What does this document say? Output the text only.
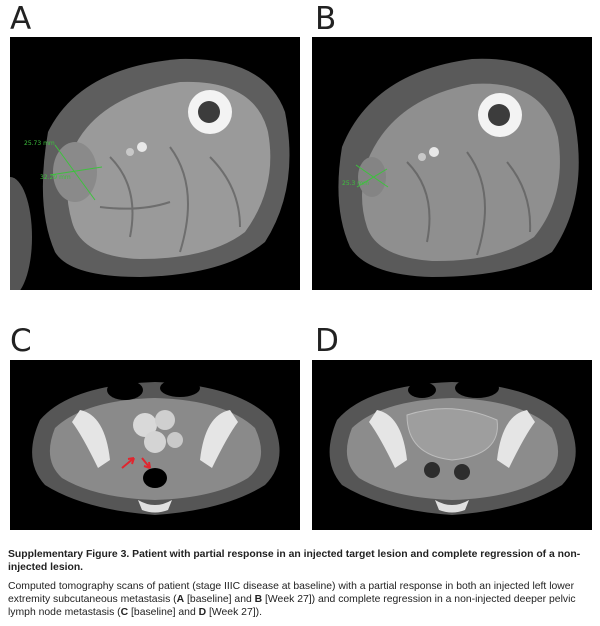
A	B
C	D
25.73 mm
32.29 mm
25.3 mm

Supplementary Figure 3. Patient with partial response in an injected target lesion and complete regression of a non-injected lesion.

Computed tomography scans of patient (stage IIIC disease at baseline) with a partial response in both an injected left lower extremity subcutaneous metastasis (A [baseline] and B [Week 27]) and complete regression in a non-injected deeper pelvic lymph node metastasis (C [baseline] and D [Week 27]).
